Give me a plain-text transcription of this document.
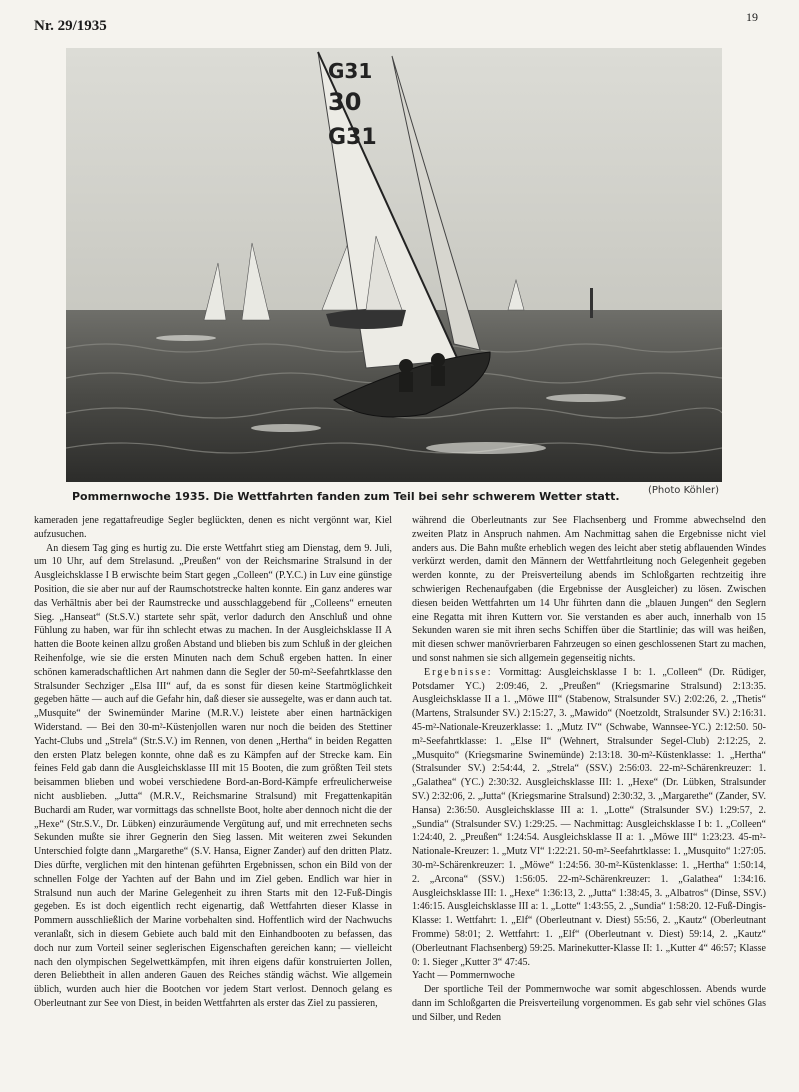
Nr. 29/1935
19
G31
30
G31
Pommernwoche 1935. Die Wettfahrten fanden zum Teil bei sehr schwerem Wetter statt.	(Photo Köhler)

kameraden jene regattafreudige Segler beglückten, denen es nicht vergönnt war, Kiel aufzusuchen.

An diesem Tag ging es hurtig zu. Die erste Wettfahrt stieg am Dienstag, dem 9. Juli, um 10 Uhr, auf dem Strelasund. „Preußen“ von der Reichsmarine Stralsund in der Ausgleichsklasse I B erwischte beim Start gegen „Colleen“ (P.Y.C.) in Luv eine günstige Position, die sie aber nur auf der Raumschotstrecke halten konnte. Ein ganz anderes war das Verhältnis aber bei der Raumstrecke und ausschlaggebend für „Colleens“ erneuten Sieg. „Hanseat“ (St.S.V.) startete sehr spät, verlor dadurch den Anschluß und ohne Fühlung zu haben, war für ihn schlecht etwas zu machen. In der Ausgleichsklasse II A hatten die Boote keinen allzu großen Abstand und blieben bis zum Schluß in der gleichen Reihenfolge, wie sie die ersten Minuten nach dem Schuß ergeben hatten. In einer schönen kameradschaftlichen Art nahmen dann die Segler der 50-m²-Seefahrtklasse den Stralsunder Sechziger „Elsa III“ auf, da es sonst für diesen keine Startmöglichkeit gegeben hätte — auch auf die Gefahr hin, daß dieser sie aussegelte, was er dann auch tat. „Musquite“ der Swinemünder Marine (M.R.V.) leistete aber einen hartnäckigen Widerstand. — Bei den 30-m²-Küstenjollen waren nur noch die beiden des Stettiner Yacht-Clubs und „Strela“ (Str.S.V.) im Rennen, von denen „Hertha“ in beiden Regatten den ersten Platz belegen konnte, ohne daß es zu Kämpfen auf der Strecke kam. Ein feines Feld gab dann die Ausgleichsklasse III mit 15 Booten, die zum größten Teil stets beisammen blieben und wobei verschiedene Bord-an-Bord-Kämpfe erfreulicherweise nicht ausblieben. „Jutta“ (M.R.V., Reichsmarine Stralsund) mit Fregattenkapitän Buchardi am Ruder, war vormittags das schnellste Boot, holte aber dennoch nicht die der „Hexe“ (Str.S.V., Dr. Lübken) einzuräumende Vergütung auf, und mit errechneten sechs Sekunden mußte sie ihrer Gegnerin den Sieg lassen. Mit weiteren zwei Sekunden Unterschied folgte dann „Margarethe“ (S.V. Hansa, Eigner Zander) auf den dritten Platz. Dies dürfte, verglichen mit den hintenan geführten Ergebnissen, schon ein Bild von der schnellen Folge der Yachten auf der Bahn und im Ziel geben. Endlich war hier in Stralsund nun auch der Marine Gelegenheit zu ihren Starts mit den 12-Fuß-Dingis gegeben. Es ist doch eigentlich recht eigenartig, daß Wettfahrten dieser Klasse in Pommern ausschließlich der Marine vorbehalten sind. Hoffentlich wird der Nachwuchs veranlaßt, sich in diesem Gebiete auch bald mit den Einhandbooten zu befassen, das doch nur zum Vorteil seiner seglerischen Eigenschaften gereichen kann; — vielleicht nach den olympischen Segelwettkämpfen, mit ihren eigens dafür konstruierten Jollen, deren Beliebtheit in allen anderen Gauen des Reiches ständig wächst. Wie allgemein üblich, wurden auch hier die Bootchen vor jedem Start verlost. Dennoch gelang es Oberleutnant zur See von Diest, in beiden Wettfahrten als erster das Ziel zu passieren,

während die Oberleutnants zur See Flachsenberg und Fromme abwechselnd den zweiten Platz in Anspruch nahmen. Am Nachmittag sahen die Ergebnisse nicht viel anders aus. Die Bahn mußte erheblich wegen des leicht aber stetig abflauenden Windes verkürzt werden, damit den Männern der Wettfahrtleitung noch Gelegenheit gegeben werden konnte, zu der Preisverteilung abends im Schloßgarten rechtzeitig ihre schwierigen Rechenaufgaben (die Ergebnisse der Ausgleicher) zu lösen. Zwischen diesen beiden Wettfahrten um 14 Uhr führten dann die „blauen Jungen“ den Seglern eine Regatta mit ihren Kuttern vor. Sie verstanden es aber auch, innerhalb von 15 Sekunden waren sie mit ihren sechs Schiffen über die Startlinie; das will was heißen, mit diesen schwer manövrierbaren Fahrzeugen so einen geschlossenen Start zu machen, und sonst nahmen sie sich allgemein gegenseitig nichts.

Ergebnisse: Vormittag: Ausgleichsklasse I b: 1. „Colleen“ (Dr. Rüdiger, Potsdamer YC.) 2:09:46, 2. „Preußen“ (Kriegsmarine Stralsund) 2:13:35. Ausgleichsklasse II a 1. „Möwe III“ (Stabenow, Stralsunder SV.) 2:02:26, 2. „Thetis“ (Martens, Stralsunder SV.) 2:15:27, 3. „Mawido“ (Noetzoldt, Stralsunder SV.) 2:16:31. 45-m²-Nationale-Kreuzerklasse: 1. „Mutz IV“ (Schwabe, Wannsee-YC.) 2:12:50. 50-m²-Seefahrtklasse: 1. „Else II“ (Wehnert, Stralsunder Segel-Club) 2:12:25, 2. „Musquito“ (Kriegsmarine Swinemünde) 2:13:18. 30-m²-Küstenklasse: 1. „Hertha“ (Stralsunder SV.) 2:54:44, 2. „Strela“ (SSV.) 2:56:03. 22-m²-Schärenkreuzer: 1. „Galathea“ (YC.) 2:30:32. Ausgleichsklasse III: 1. „Hexe“ (Dr. Lübken, Stralsunder SV.) 2:32:06, 2. „Jutta“ (Kriegsmarine Stralsund) 2:30:32, 3. „Margarethe“ (Zander, SV. Hansa) 2:36:50. Ausgleichsklasse III a: 1. „Lotte“ (Stralsunder SV.) 1:29:57, 2. „Sundia“ (Stralsunder SV.) 1:29:25. — Nachmittag: Ausgleichsklasse I b: 1. „Colleen“ 1:24:40, 2. „Preußen“ 1:24:54. Ausgleichsklasse II a: 1. „Möwe III“ 1:23:23. 45-m²-Nationale-Kreuzer: 1. „Mutz VI“ 1:22:21. 50-m²-Seefahrtklasse: 1. „Musquito“ 1:27:05. 30-m²-Schärenkreuzer: 1. „Möwe“ 1:24:56. 30-m²-Küstenklasse: 1. „Hertha“ 1:50:14, 2. „Arcona“ (SSV.) 1:56:05. 22-m²-Schärenkreuzer: 1. „Galathea“ 1:34:16. Ausgleichsklasse III: 1. „Hexe“ 1:36:13, 2. „Jutta“ 1:38:45, 3. „Albatros“ (Dinse, SSV.) 1:46:15. Ausgleichsklasse III a: 1. „Lotte“ 1:43:55, 2. „Sundia“ 1:58:20. 12-Fuß-Dingis-Klasse: 1. Wettfahrt: 1. „Elf“ (Oberleutnant v. Diest) 55:56, 2. „Kautz“ (Oberleutnant Fromme) 58:01; 2. Wettfahrt: 1. „Elf“ (Oberleutnant v. Diest) 59:14, 2. „Kautz“ (Oberleutnant Flachsenberg) 59:25. Marinekutter-Klasse II: 1. „Kutter 4“ 46:57; Klasse 0: 1. Sieger „Kutter 3“ 47:45.

Yacht — Pommernwoche

Der sportliche Teil der Pommernwoche war somit abgeschlossen. Abends wurde dann im Schloßgarten die Preisverteilung vorgenommen. Es gab sehr viel schönes Glas und Silber, und Reden
